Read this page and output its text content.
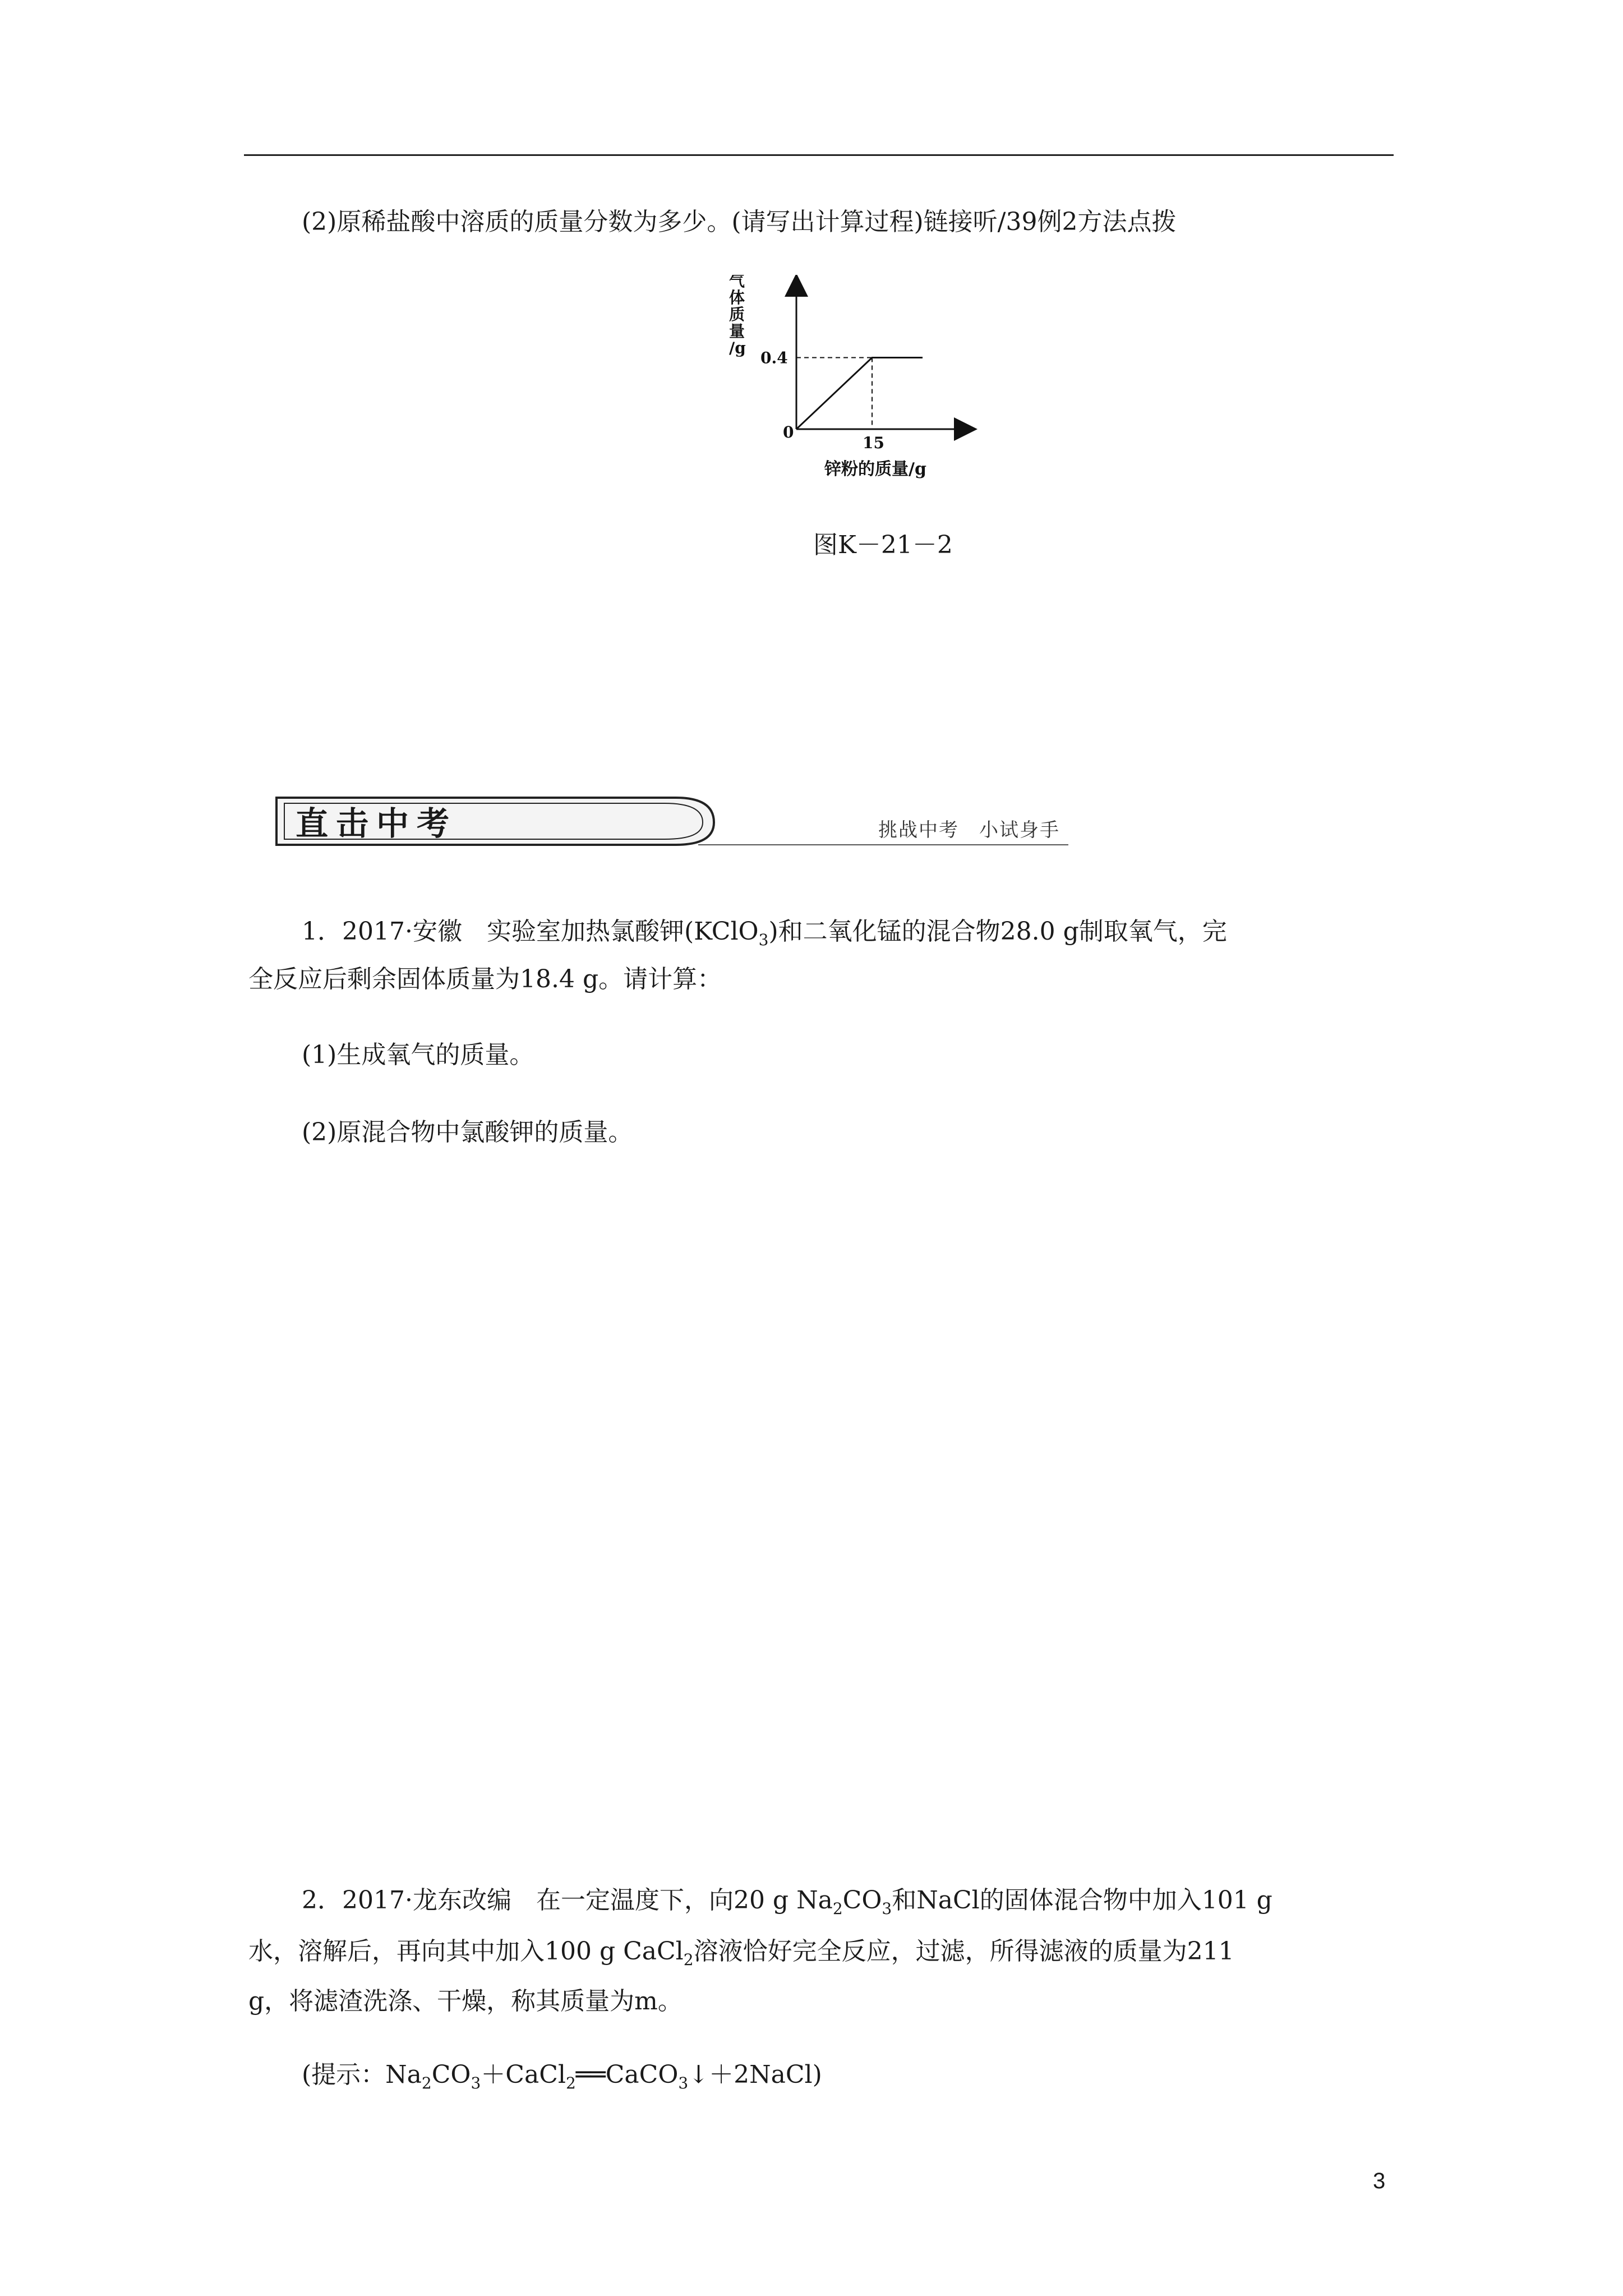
(2)原稀盐酸中溶质的质量分数为多少。(请写出计算过程)链接听/39例2方法点拨
气体质量/g
0.4
15
0
锌粉的质量/g
图K－21－2
直击中考	挑战中考　小试身手
1．2017·安徽　实验室加热氯酸钾(KClO$_3$)和二氧化锰的混合物28.0 g制取氧气，完
全反应后剩余固体质量为18.4 g。请计算：
(1)生成氧气的质量。
(2)原混合物中氯酸钾的质量。
2．2017·龙东改编　在一定温度下，向20 g $Na_2CO_3$和NaCl的固体混合物中加入101 g
水，溶解后，再向其中加入100 g CaCl$_2$溶液恰好完全反应，过滤，所得滤液的质量为211
g，将滤渣洗涤、干燥，称其质量为m。
(提示：$Na_2CO_3+CaCl_2══CaCO_3↓+2NaCl$)
3
